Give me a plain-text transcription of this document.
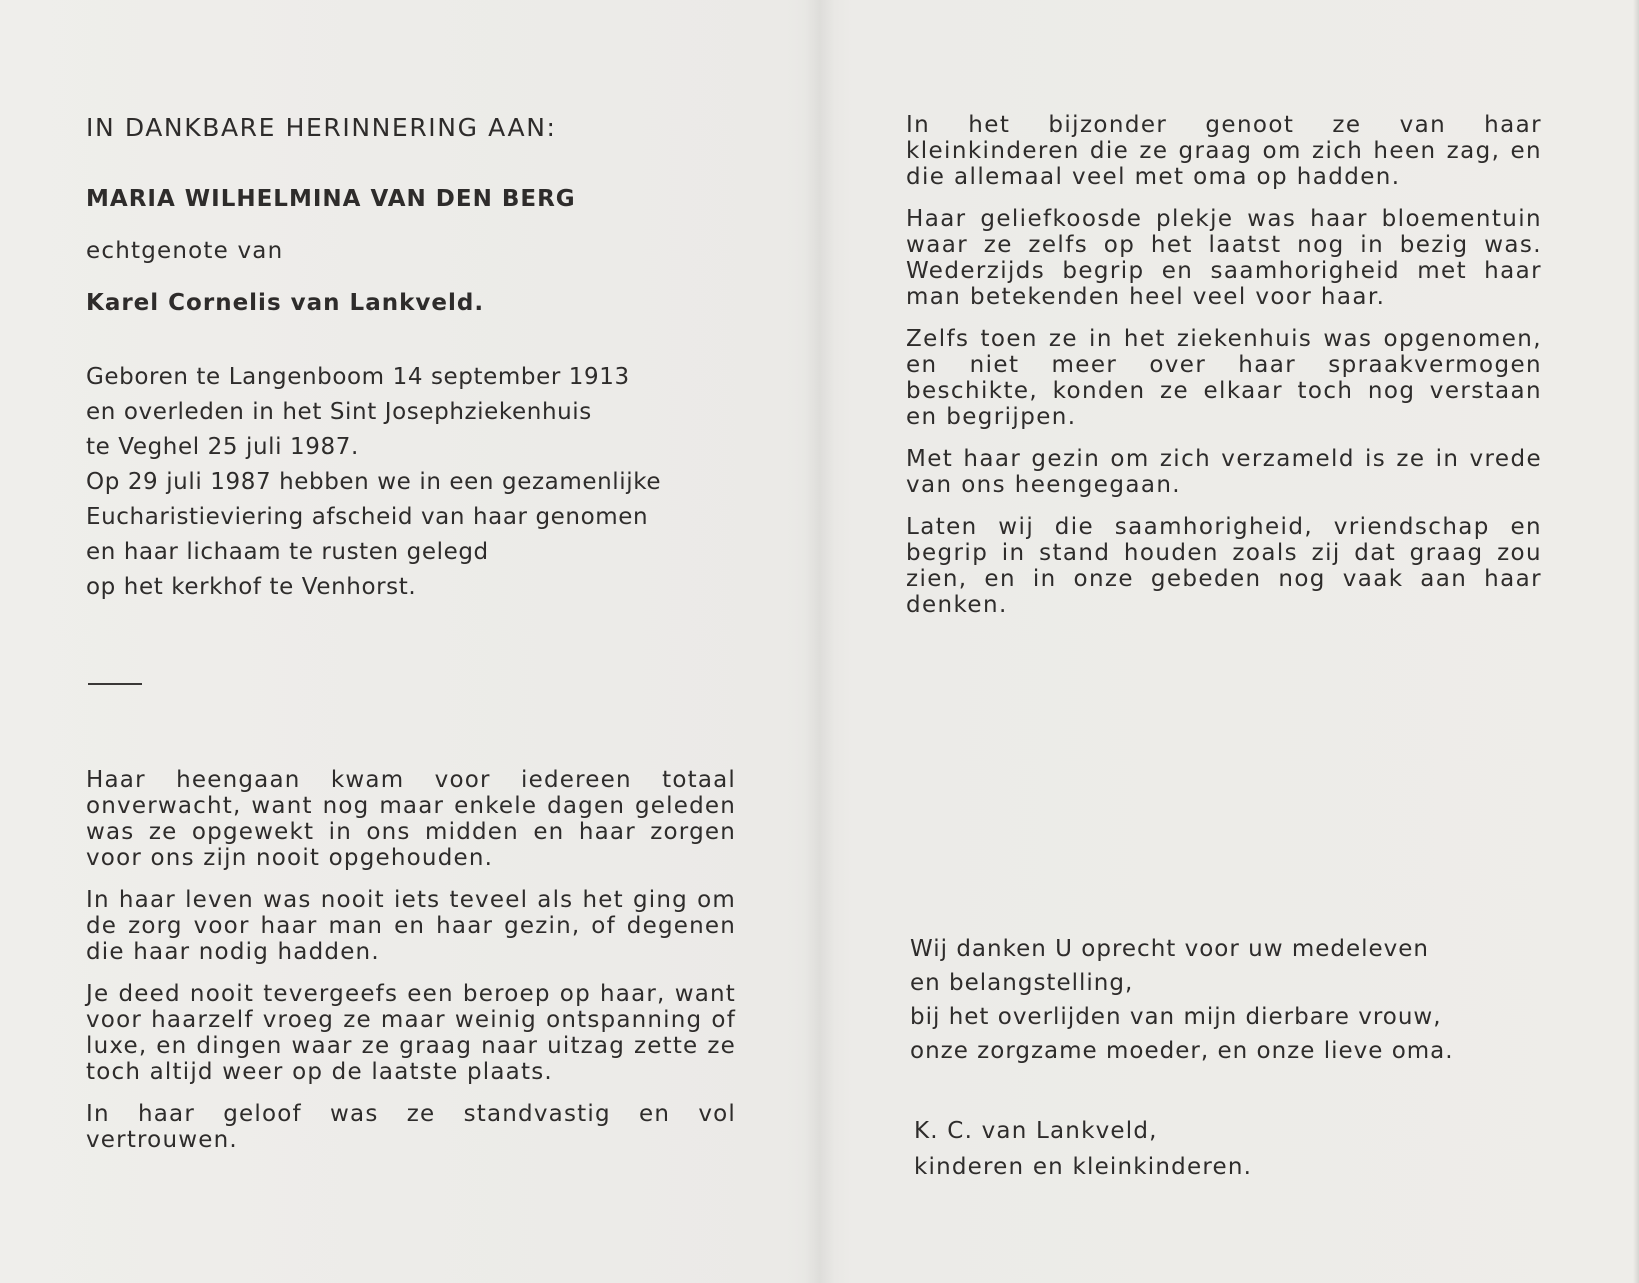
IN DANKBARE HERINNERING AAN:
MARIA WILHELMINA VAN DEN BERG
echtgenote van
Karel Cornelis van Lankveld.
Geboren te Langenboom 14 september 1913
en overleden in het Sint Josephziekenhuis
te Veghel 25 juli 1987.
Op 29 juli 1987 hebben we in een gezamenlijke
Eucharistieviering afscheid van haar genomen
en haar lichaam te rusten gelegd
op het kerkhof te Venhorst.

Haar heengaan kwam voor iedereen totaal onverwacht, want nog maar enkele dagen geleden was ze opgewekt in ons midden en haar zorgen voor ons zijn nooit opgehouden.

In haar leven was nooit iets teveel als het ging om de zorg voor haar man en haar gezin, of degenen die haar nodig hadden.

Je deed nooit tevergeefs een beroep op haar, want voor haarzelf vroeg ze maar weinig ontspanning of luxe, en dingen waar ze graag naar uitzag zette ze toch altijd weer op de laatste plaats.

In haar geloof was ze standvastig en vol vertrouwen.

In het bijzonder genoot ze van haar kleinkinderen die ze graag om zich heen zag, en die allemaal veel met oma op hadden.

Haar geliefkoosde plekje was haar bloementuin waar ze zelfs op het laatst nog in bezig was. Wederzijds begrip en saamhorigheid met haar man betekenden heel veel voor haar.

Zelfs toen ze in het ziekenhuis was opgenomen, en niet meer over haar spraakvermogen beschikte, konden ze elkaar toch nog verstaan en begrijpen.

Met haar gezin om zich verzameld is ze in vrede van ons heengegaan.

Laten wij die saamhorigheid, vriendschap en begrip in stand houden zoals zij dat graag zou zien, en in onze gebeden nog vaak aan haar denken.

Wij danken U oprecht voor uw medeleven
en belangstelling,
bij het overlijden van mijn dierbare vrouw,
onze zorgzame moeder, en onze lieve oma.
K. C. van Lankveld,
kinderen en kleinkinderen.
